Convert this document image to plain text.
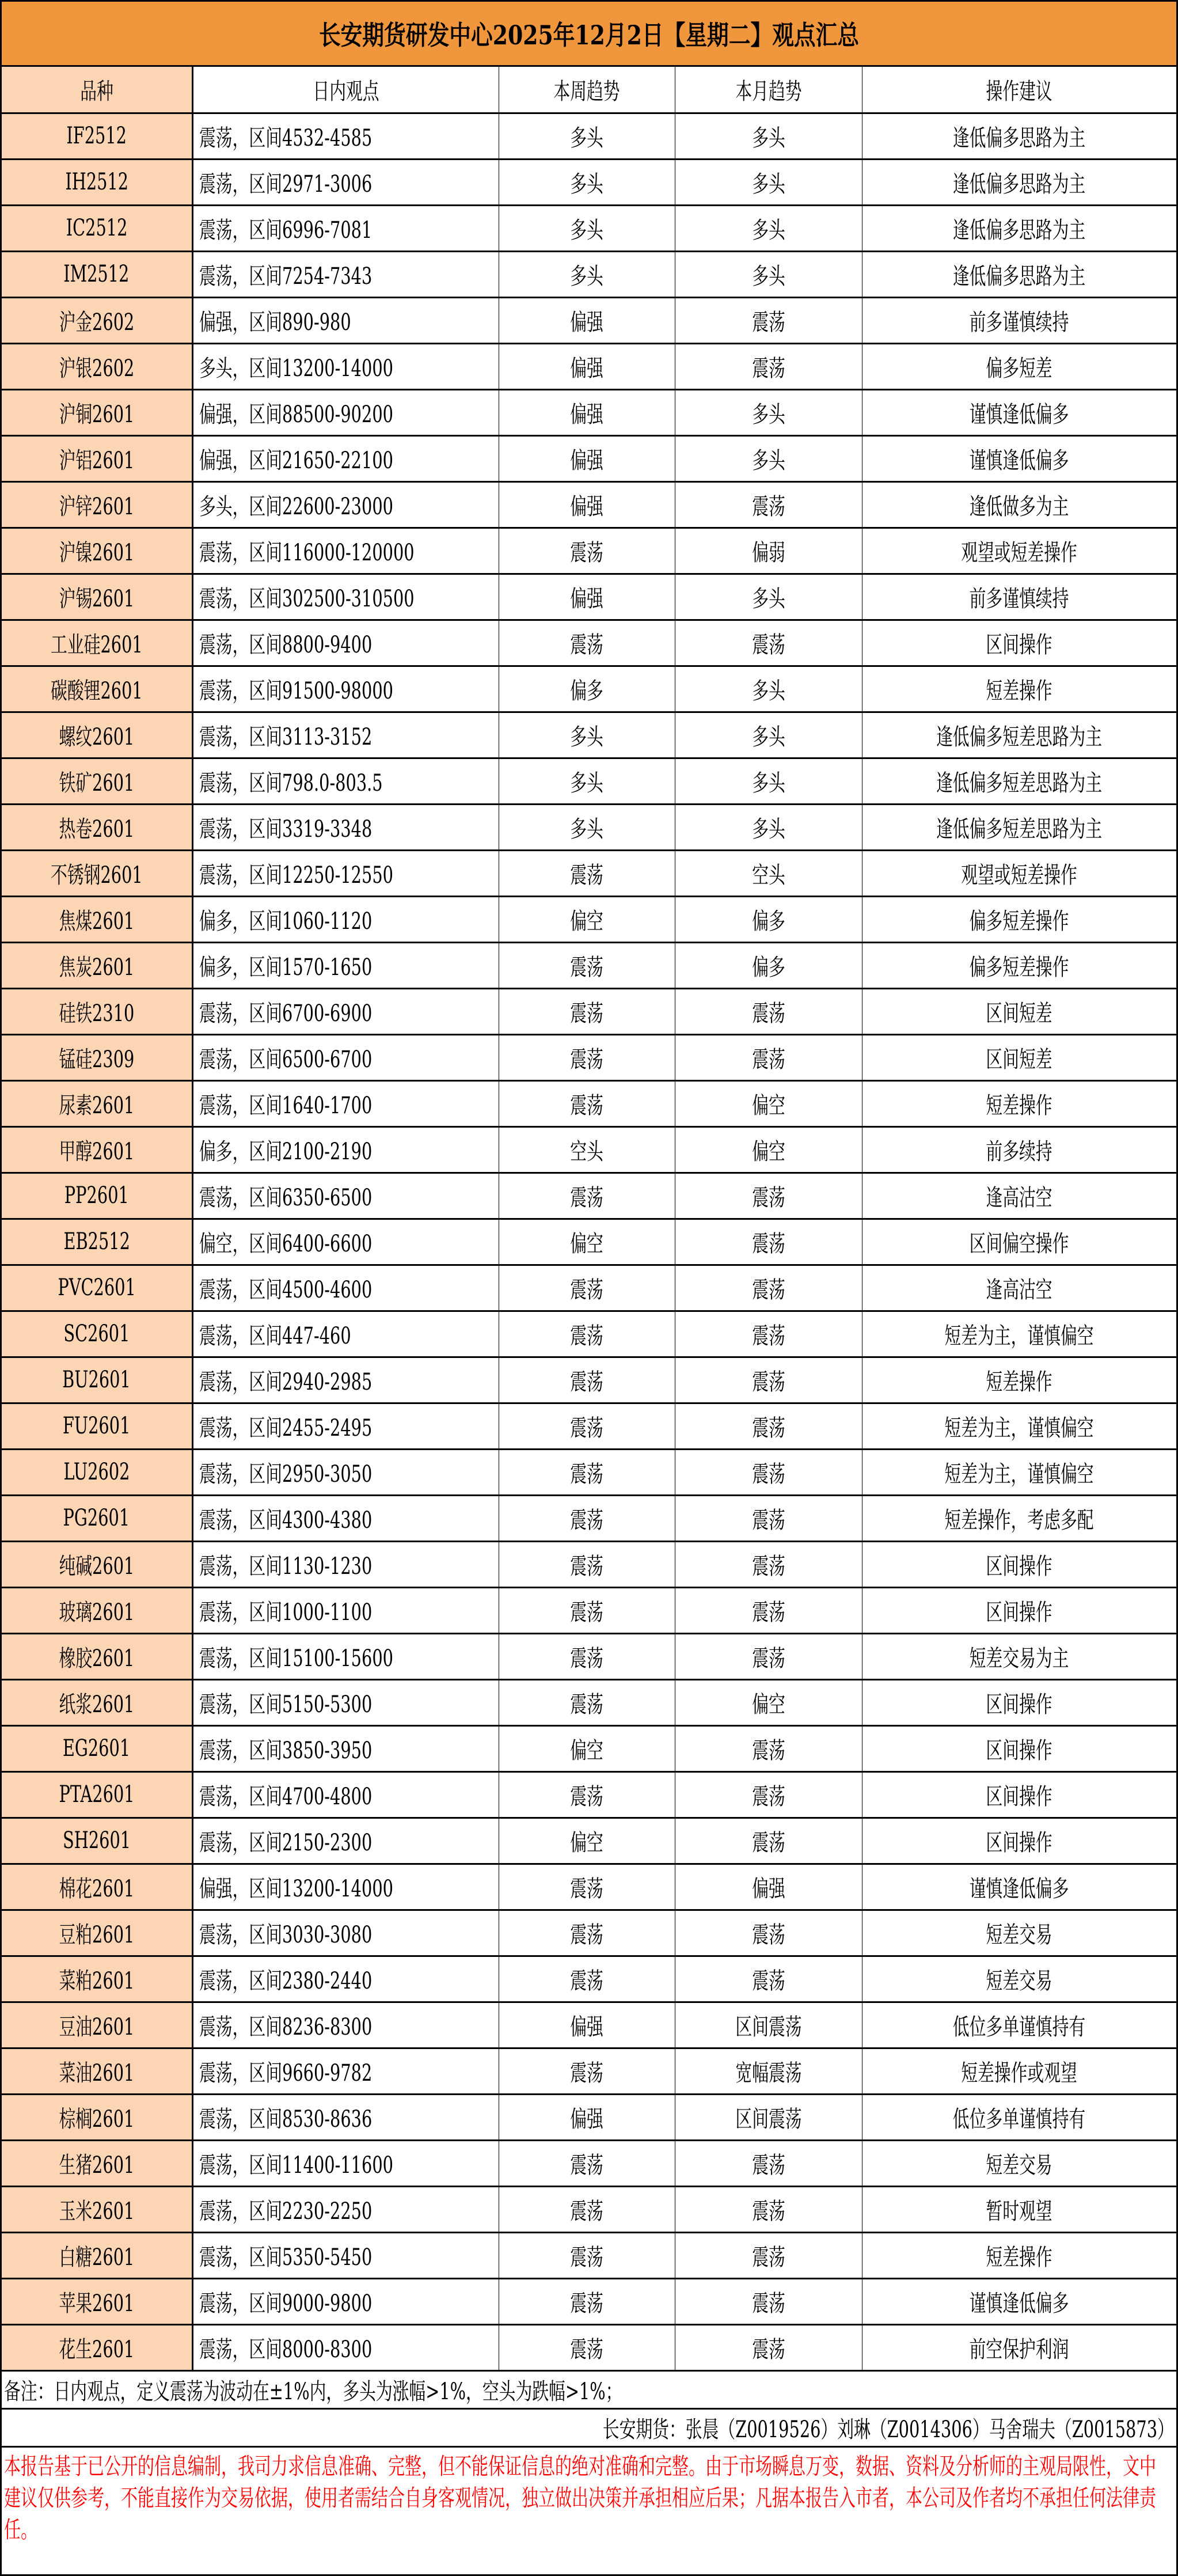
长安期货研发中心2025年12月2日【星期二】观点汇总
品种	日内观点	本周趋势	本月趋势	操作建议
IF2512	震荡，区间4532-4585	多头	多头	逢低偏多思路为主
IH2512	震荡，区间2971-3006	多头	多头	逢低偏多思路为主
IC2512	震荡，区间6996-7081	多头	多头	逢低偏多思路为主
IM2512	震荡，区间7254-7343	多头	多头	逢低偏多思路为主
沪金2602	偏强，区间890-980	偏强	震荡	前多谨慎续持
沪银2602	多头，区间13200-14000	偏强	震荡	偏多短差
沪铜2601	偏强，区间88500-90200	偏强	多头	谨慎逢低偏多
沪铝2601	偏强，区间21650-22100	偏强	多头	谨慎逢低偏多
沪锌2601	多头，区间22600-23000	偏强	震荡	逢低做多为主
沪镍2601	震荡，区间116000-120000	震荡	偏弱	观望或短差操作
沪锡2601	震荡，区间302500-310500	偏强	多头	前多谨慎续持
工业硅2601	震荡，区间8800-9400	震荡	震荡	区间操作
碳酸锂2601	震荡，区间91500-98000	偏多	多头	短差操作
螺纹2601	震荡，区间3113-3152	多头	多头	逢低偏多短差思路为主
铁矿2601	震荡，区间798.0-803.5	多头	多头	逢低偏多短差思路为主
热卷2601	震荡，区间3319-3348	多头	多头	逢低偏多短差思路为主
不锈钢2601	震荡，区间12250-12550	震荡	空头	观望或短差操作
焦煤2601	偏多，区间1060-1120	偏空	偏多	偏多短差操作
焦炭2601	偏多，区间1570-1650	震荡	偏多	偏多短差操作
硅铁2310	震荡，区间6700-6900	震荡	震荡	区间短差
锰硅2309	震荡，区间6500-6700	震荡	震荡	区间短差
尿素2601	震荡，区间1640-1700	震荡	偏空	短差操作
甲醇2601	偏多，区间2100-2190	空头	偏空	前多续持
PP2601	震荡，区间6350-6500	震荡	震荡	逢高沽空
EB2512	偏空，区间6400-6600	偏空	震荡	区间偏空操作
PVC2601	震荡，区间4500-4600	震荡	震荡	逢高沽空
SC2601	震荡，区间447-460	震荡	震荡	短差为主，谨慎偏空
BU2601	震荡，区间2940-2985	震荡	震荡	短差操作
FU2601	震荡，区间2455-2495	震荡	震荡	短差为主，谨慎偏空
LU2602	震荡，区间2950-3050	震荡	震荡	短差为主，谨慎偏空
PG2601	震荡，区间4300-4380	震荡	震荡	短差操作，考虑多配
纯碱2601	震荡，区间1130-1230	震荡	震荡	区间操作
玻璃2601	震荡，区间1000-1100	震荡	震荡	区间操作
橡胶2601	震荡，区间15100-15600	震荡	震荡	短差交易为主
纸浆2601	震荡，区间5150-5300	震荡	偏空	区间操作
EG2601	震荡，区间3850-3950	偏空	震荡	区间操作
PTA2601	震荡，区间4700-4800	震荡	震荡	区间操作
SH2601	震荡，区间2150-2300	偏空	震荡	区间操作
棉花2601	偏强，区间13200-14000	震荡	偏强	谨慎逢低偏多
豆粕2601	震荡，区间3030-3080	震荡	震荡	短差交易
菜粕2601	震荡，区间2380-2440	震荡	震荡	短差交易
豆油2601	震荡，区间8236-8300	偏强	区间震荡	低位多单谨慎持有
菜油2601	震荡，区间9660-9782	震荡	宽幅震荡	短差操作或观望
棕榈2601	震荡，区间8530-8636	偏强	区间震荡	低位多单谨慎持有
生猪2601	震荡，区间11400-11600	震荡	震荡	短差交易
玉米2601	震荡，区间2230-2250	震荡	震荡	暂时观望
白糖2601	震荡，区间5350-5450	震荡	震荡	短差操作
苹果2601	震荡，区间9000-9800	震荡	震荡	谨慎逢低偏多
花生2601	震荡，区间8000-8300	震荡	震荡	前空保护利润
备注：日内观点，定义震荡为波动在±1%内，多头为涨幅>1%，空头为跌幅>1%；
长安期货：张晨（Z0019526）刘琳（Z0014306）马舍瑞夫（Z0015873）
本报告基于已公开的信息编制，我司力求信息准确、完整，但不能保证信息的绝对准确和完整。由于市场瞬息万变，数据、资料及分析师的主观局限性，文中建议仅供参考，不能直接作为交易依据，使用者需结合自身客观情况，独立做出决策并承担相应后果；凡据本报告入市者，本公司及作者均不承担任何法律责任。
